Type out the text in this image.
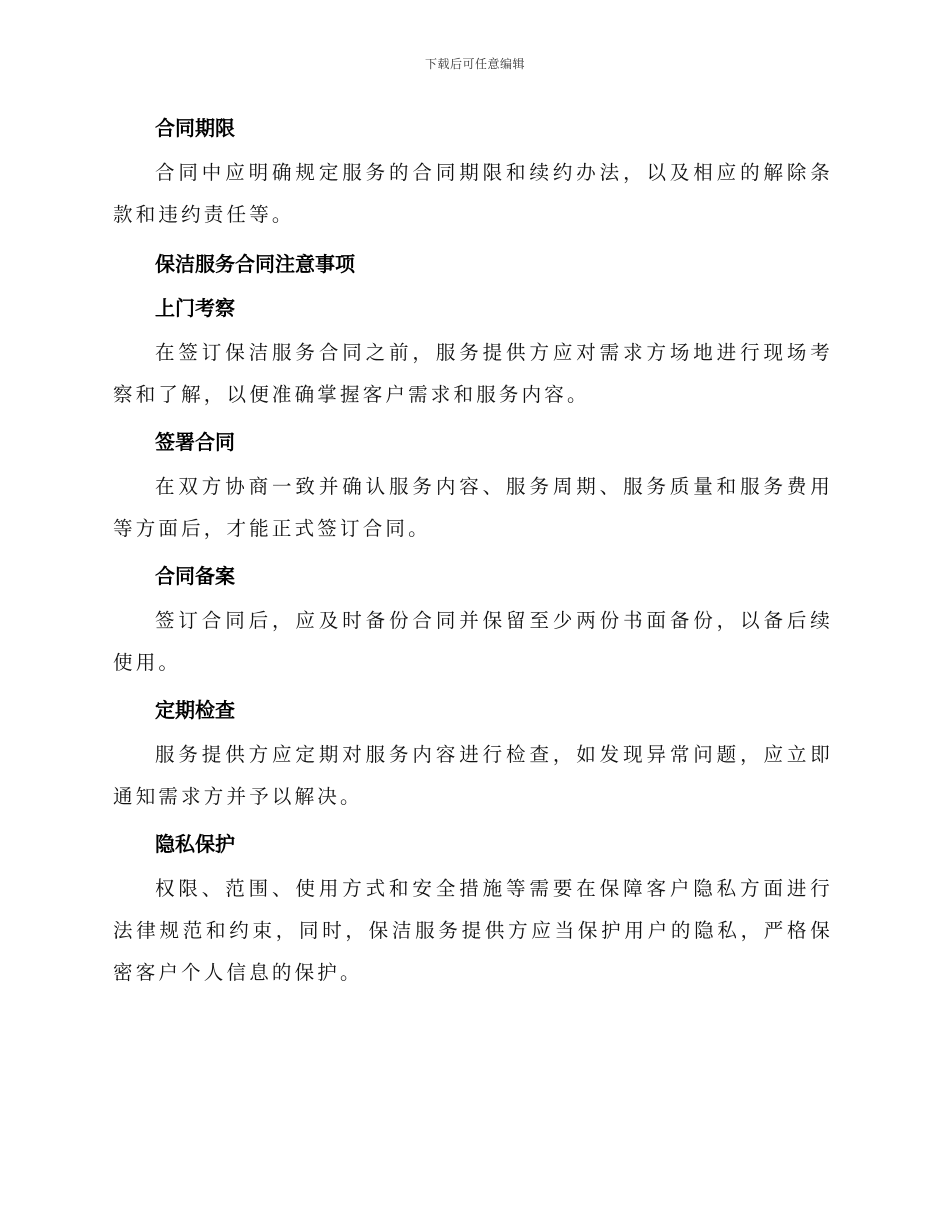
下载后可任意编辑
合同期限

合同中应明确规定服务的合同期限和续约办法，以及相应的解除条款和违约责任等。

保洁服务合同注意事项
上门考察

在签订保洁服务合同之前，服务提供方应对需求方场地进行现场考察和了解，以便准确掌握客户需求和服务内容。

签署合同

在双方协商一致并确认服务内容、服务周期、服务质量和服务费用等方面后，才能正式签订合同。

合同备案

签订合同后，应及时备份合同并保留至少两份书面备份，以备后续使用。

定期检查

服务提供方应定期对服务内容进行检查，如发现异常问题，应立即通知需求方并予以解决。

隐私保护

权限、范围、使用方式和安全措施等需要在保障客户隐私方面进行法律规范和约束，同时，保洁服务提供方应当保护用户的隐私，严格保密客户个人信息的保护。
